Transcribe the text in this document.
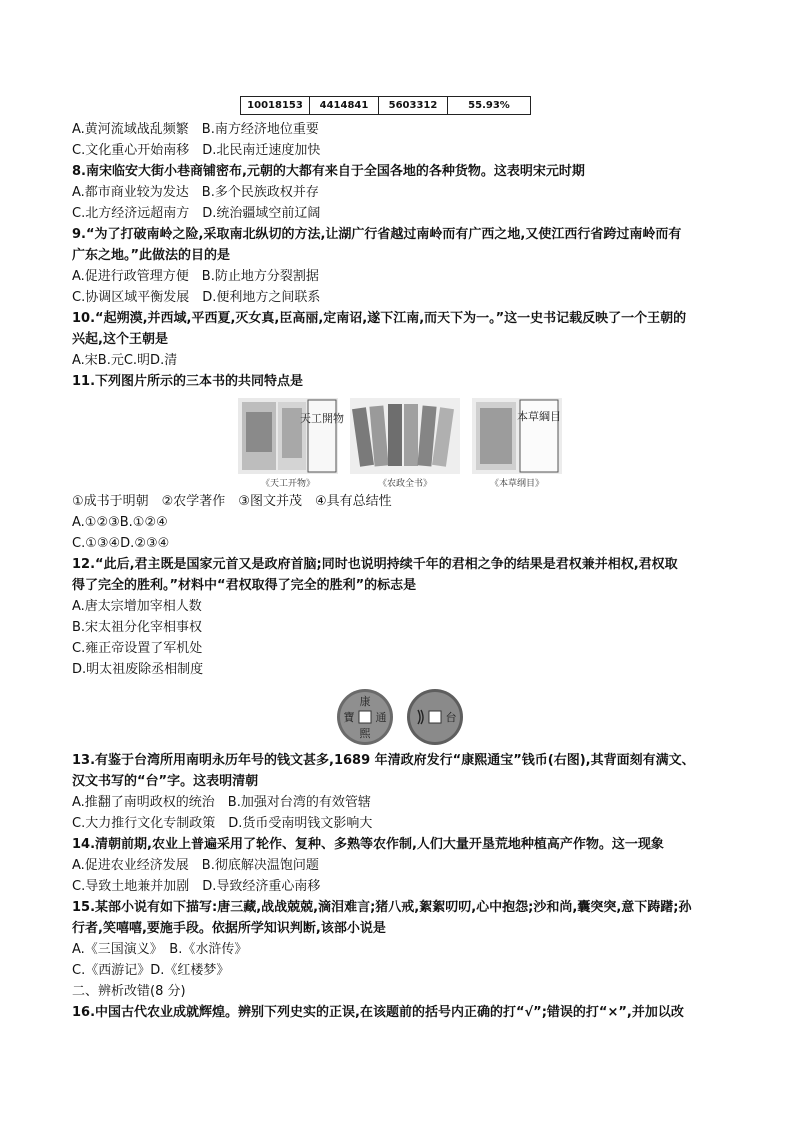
10018153	4414841	5603312	55.93%
A.黄河流域战乱频繁　B.南方经济地位重要
C.文化重心开始南移　D.北民南迁速度加快
8.南宋临安大街小巷商铺密布,元朝的大都有来自于全国各地的各种货物。这表明宋元时期
A.都市商业较为发达　B.多个民族政权并存
C.北方经济远超南方　D.统治疆域空前辽阔
9.“为了打破南岭之险,采取南北纵切的方法,让湖广行省越过南岭而有广西之地,又使江西行省跨过南岭而有
广东之地。”此做法的目的是
A.促进行政管理方便　B.防止地方分裂割据
C.协调区域平衡发展　D.便利地方之间联系
10.“起朔漠,并西域,平西夏,灭女真,臣高丽,定南诏,遂下江南,而天下为一。”这一史书记载反映了一个王朝的
兴起,这个王朝是
A.宋B.元C.明D.清
11.下列图片所示的三本书的共同特点是
天工開物
《天工开物》	《农政全书》
本草綱目
《本草纲目》
①成书于明朝　②农学著作　③图文并茂　④具有总结性
A.①②③B.①②④
C.①③④D.②③④
12.“此后,君主既是国家元首又是政府首脑;同时也说明持续千年的君相之争的结果是君权兼并相权,君权取
得了完全的胜利。”材料中“君权取得了完全的胜利”的标志是
A.唐太宗增加宰相人数
B.宋太祖分化宰相事权
C.雍正帝设置了军机处
D.明太祖废除丞相制度
康
熙
通
寶	台
13.有鉴于台湾所用南明永历年号的钱文甚多,1689 年清政府发行“康熙通宝”钱币(右图),其背面刻有满文、
汉文书写的“台”字。这表明清朝
A.推翻了南明政权的统治　B.加强对台湾的有效管辖
C.大力推行文化专制政策　D.货币受南明钱文影响大
14.清朝前期,农业上普遍采用了轮作、复种、多熟等农作制,人们大量开垦荒地种植高产作物。这一现象
A.促进农业经济发展　B.彻底解决温饱问题
C.导致土地兼并加剧　D.导致经济重心南移
15.某部小说有如下描写:唐三藏,战战兢兢,滴泪难言;猪八戒,絮絮叨叨,心中抱怨;沙和尚,囊突突,意下踌躇;孙
行者,笑嘻嘻,要施手段。依据所学知识判断,该部小说是
A.《三国演义》　B.《水浒传》
C.《西游记》D.《红楼梦》
二、辨析改错(8 分)
16.中国古代农业成就辉煌。辨别下列史实的正误,在该题前的括号内正确的打“√”;错误的打“×”,并加以改
